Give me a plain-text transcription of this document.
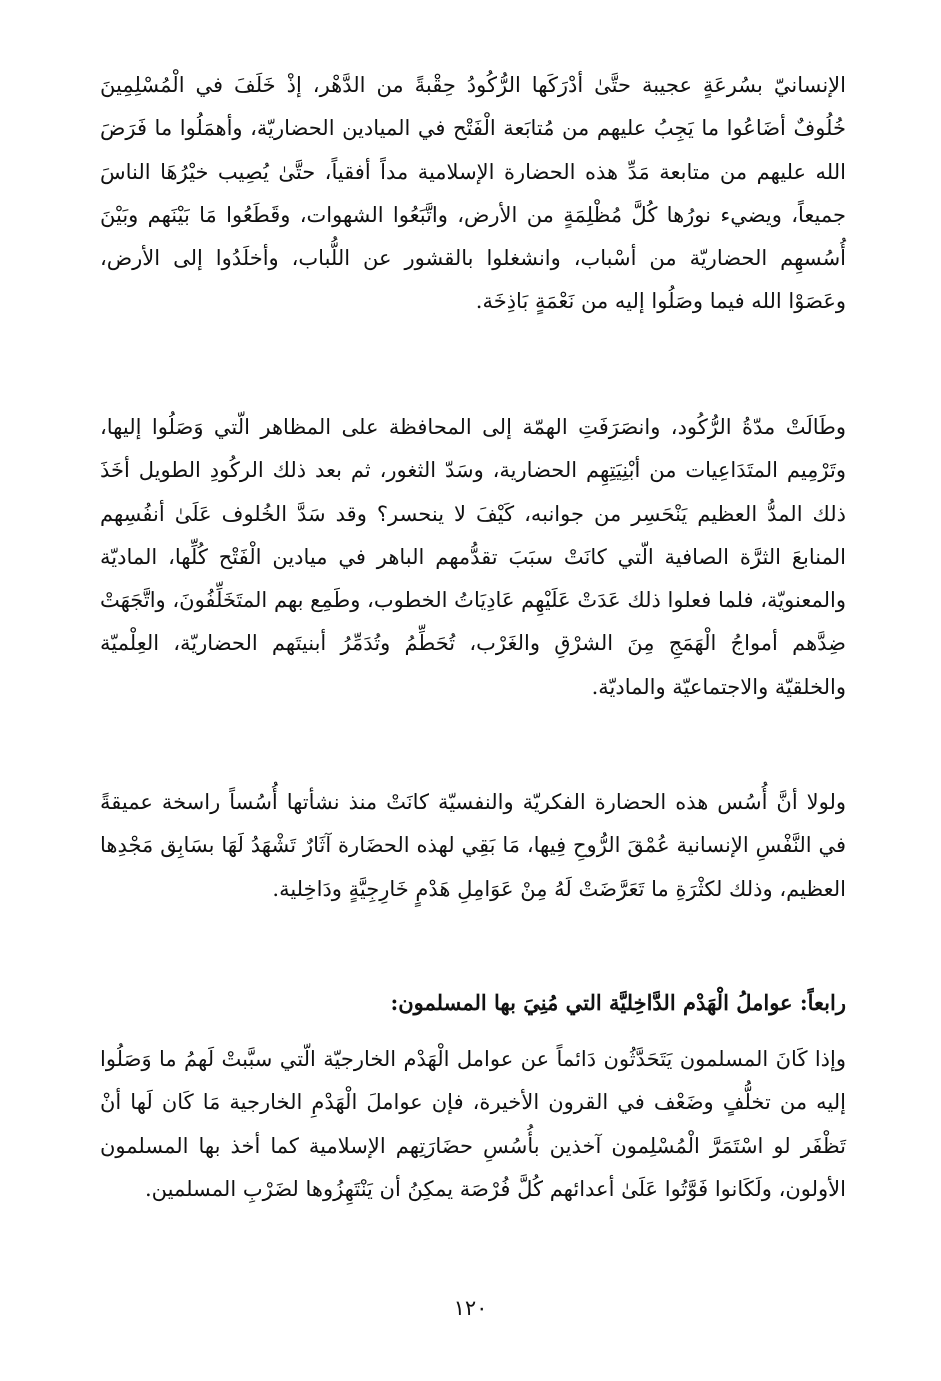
الإنسانيّ بسُرعَةٍ عجيبة حتَّىٰ أدْرَكَها الرُّكُودُ حِقْبةً من الدَّهْر، إذْ خَلَفَ في الْمُسْلِمِينَ خُلُوفٌ أضَاعُوا ما يَجِبُ عليهم من مُتابَعة الْفَتْح في الميادين الحضاريّة، وأهمَلُوا ما فَرَضَ الله عليهم من متابعة مَدِّ هذه الحضارة الإسلامية مداً أفقياً، حتَّىٰ يُصِيب خيْرُهَا الناسَ جميعاً، ويضيء نورُها كُلَّ مُظْلِمَةٍ من الأرض، واتَّبَعُوا الشهوات، وقَطَعُوا مَا بَيْنَهم وبَيْنَ أُسُسهِم الحضاريّة من أسْباب، وانشغلوا بالقشور عن اللُّباب، وأخلَدُوا إلى الأرض، وعَصَوْا الله فيما وصَلُوا إليه من نَعْمَةٍ بَاذِخَة.

وطَالَتْ مدّةُ الرُّكُود، وانصَرَفَتِ الهمّة إلى المحافظة على المظاهر الّتي وَصَلُوا إليها، وتَرْمِيم المتَدَاعِيات من أبْنِيَتِهِم الحضارية، وسَدّ الثغور، ثم بعد ذلك الركُودِ الطويل أخَذَ ذلك المدُّ العظيم يَنْحَسِر من جوانبه، كَيْفَ لا ينحسر؟ وقد سَدَّ الخُلوف عَلَىٰ أنفُسِهم المنابعَ الثرَّة الصافية الّتي كانَتْ سبَبَ تقدُّمهم الباهر في ميادين الْفَتْح كُلِّها، الماديّة والمعنويّة، فلما فعلوا ذلك عَدَتْ عَلَيْهِم عَادِيَاتُ الخطوب، وطَمِع بهم المتَخَلِّفُونَ، واتَّجَهَتْ ضِدَّهم أمواجُ الْهَمَجِ مِنَ الشرْقِ والغَرْب، تُحَطِّمُ وتُدَمِّرُ أبنيتَهم الحضاريّة، العِلْميّة والخلقيّة والاجتماعيّة والماديّة.

ولولا أنَّ أُسُس هذه الحضارة الفكريّة والنفسيّة كانَتْ منذ نشأتها أُسُساً راسخة عميقةً في النَّفْسِ الإنسانية عُمْقَ الرُّوحِ فِيها، مَا بَقِي لهذه الحضَارة آثَارٌ تَشْهَدُ لَهَا بسَابِق مَجْدِها العظيم، وذلك لكثْرَةِ ما تَعَرَّضَتْ لَهُ مِنْ عَوَامِلِ هَدْمٍ خَارِجِيَّةٍ ودَاخِلية.

رابعاً: عواملُ الْهَدْم الدَّاخِليَّة التي مُنِيَ بها المسلمون:

وإذا كَانَ المسلمون يَتَحَدَّثُون دَائماً عن عوامل الْهَدْم الخارجيّة الّتي سبَّبتْ لَهمُ ما وَصَلُوا إليه من تخلُّفٍ وضَعْف في القرون الأخيرة، فإن عواملَ الْهَدْمِ الخارجية مَا كَان لَها أنْ تَظْفَر لو اسْتَمَرَّ الْمُسْلِمون آخذين بأُسُسِ حضَارَتِهم الإسلامية كما أخذ بها المسلمون الأولون، ولَكَانوا فَوَّتُوا عَلَىٰ أعدائهم كُلَّ فُرْصَة يمكِنُ أن يَنْتَهِزُوها لضَرْبِ المسلمين.

١٢٠
